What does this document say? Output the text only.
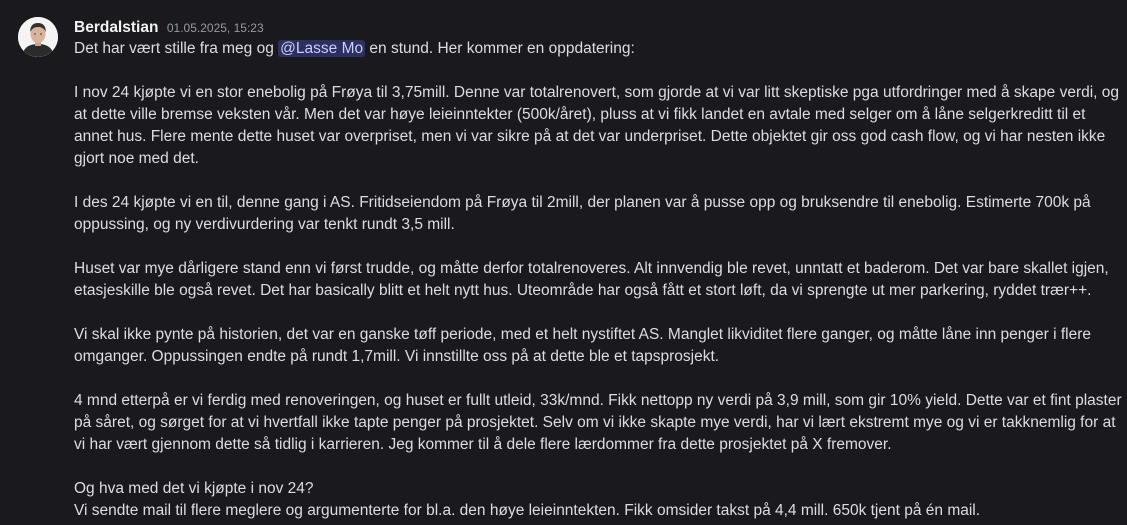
Berdalstian 01.05.2025, 15:23

Det har vært stille fra meg og @Lasse Mo en stund. Her kommer en oppdatering:

I nov 24 kjøpte vi en stor enebolig på Frøya til 3,75mill. Denne var totalrenovert, som gjorde at vi var litt skeptiske pga utfordringer med å skape verdi, og at dette ville bremse veksten vår. Men det var høye leieinntekter (500k/året), pluss at vi fikk landet en avtale med selger om å låne selgerkreditt til et annet hus. Flere mente dette huset var overpriset, men vi var sikre på at det var underpriset. Dette objektet gir oss god cash flow, og vi har nesten ikke gjort noe med det.

I des 24 kjøpte vi en til, denne gang i AS. Fritidseiendom på Frøya til 2mill, der planen var å pusse opp og bruksendre til enebolig. Estimerte 700k på oppussing, og ny verdivurdering var tenkt rundt 3,5 mill.

Huset var mye dårligere stand enn vi først trudde, og måtte derfor totalrenoveres. Alt innvendig ble revet, unntatt et baderom. Det var bare skallet igjen, etasjeskille ble også revet. Det har basically blitt et helt nytt hus. Uteområde har også fått et stort løft, da vi sprengte ut mer parkering, ryddet trær++.

Vi skal ikke pynte på historien, det var en ganske tøff periode, med et helt nystiftet AS. Manglet likviditet flere ganger, og måtte låne inn penger i flere omganger. Oppussingen endte på rundt 1,7mill. Vi innstillte oss på at dette ble et tapsprosjekt.

4 mnd etterpå er vi ferdig med renoveringen, og huset er fullt utleid, 33k/mnd. Fikk nettopp ny verdi på 3,9 mill, som gir 10% yield. Dette var et fint plaster på såret, og sørget for at vi hvertfall ikke tapte penger på prosjektet. Selv om vi ikke skapte mye verdi, har vi lært ekstremt mye og vi er takknemlig for at vi har vært gjennom dette så tidlig i karrieren. Jeg kommer til å dele flere lærdommer fra dette prosjektet på X fremover.

Og hva med det vi kjøpte i nov 24?

Vi sendte mail til flere meglere og argumenterte for bl.a. den høye leieinntekten. Fikk omsider takst på 4,4 mill. 650k tjent på én mail.
